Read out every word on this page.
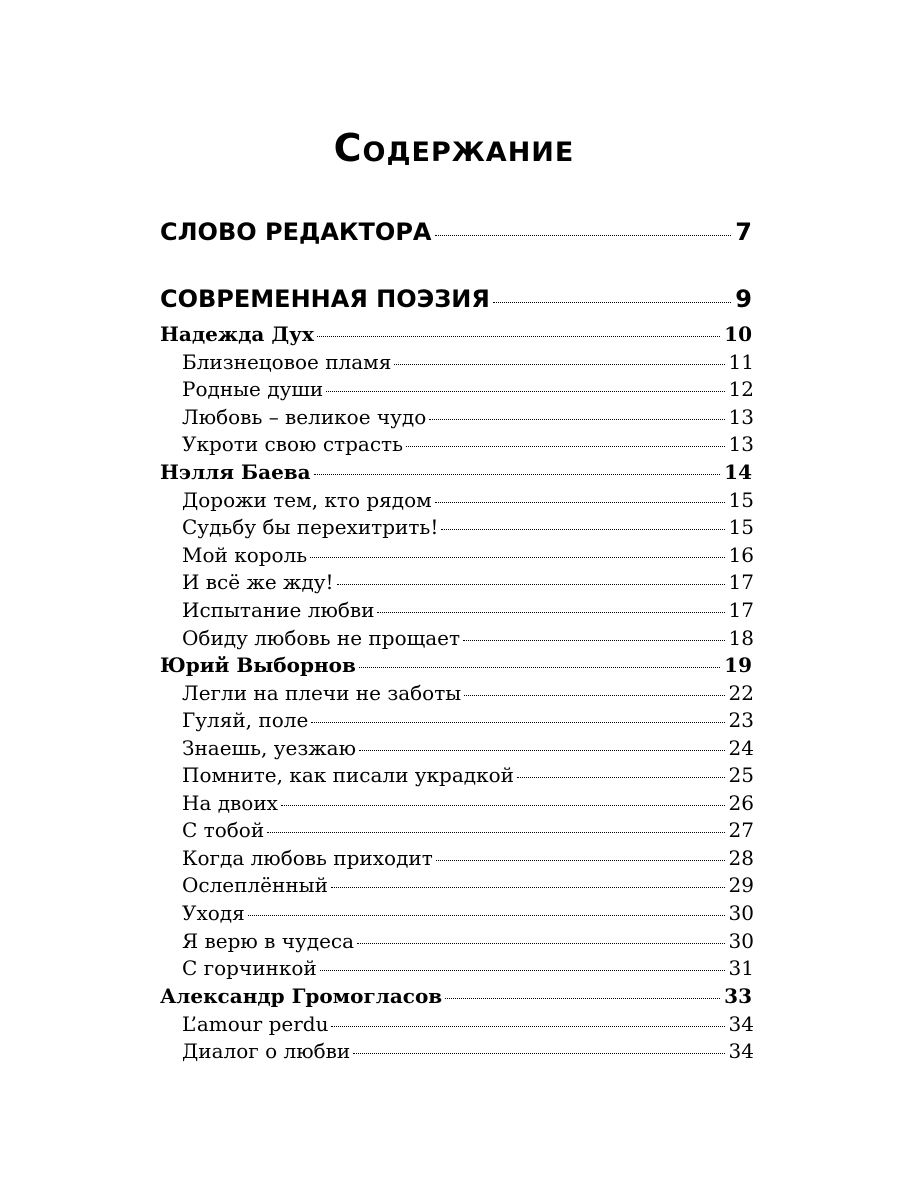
Содержание
СЛОВО РЕДАКТОРА	7
СОВРЕМЕННАЯ ПОЭЗИЯ	9
Надежда Дух	10
Близнецовое пламя	11
Родные души	12
Любовь – великое чудо	13
Укроти свою страсть	13
Нэлля Баева	14
Дорожи тем, кто рядом	15
Судьбу бы перехитрить!	15
Мой король	16
И всё же жду!	17
Испытание любви	17
Обиду любовь не прощает	18
Юрий Выборнов	19
Легли на плечи не заботы	22
Гуляй, поле	23
Знаешь, уезжаю	24
Помните, как писали украдкой	25
На двоих	26
С тобой	27
Когда любовь приходит	28
Ослеплённый	29
Уходя	30
Я верю в чудеса	30
С горчинкой	31
Александр Громогласов	33
L’amour perdu	34
Диалог о любви	34
